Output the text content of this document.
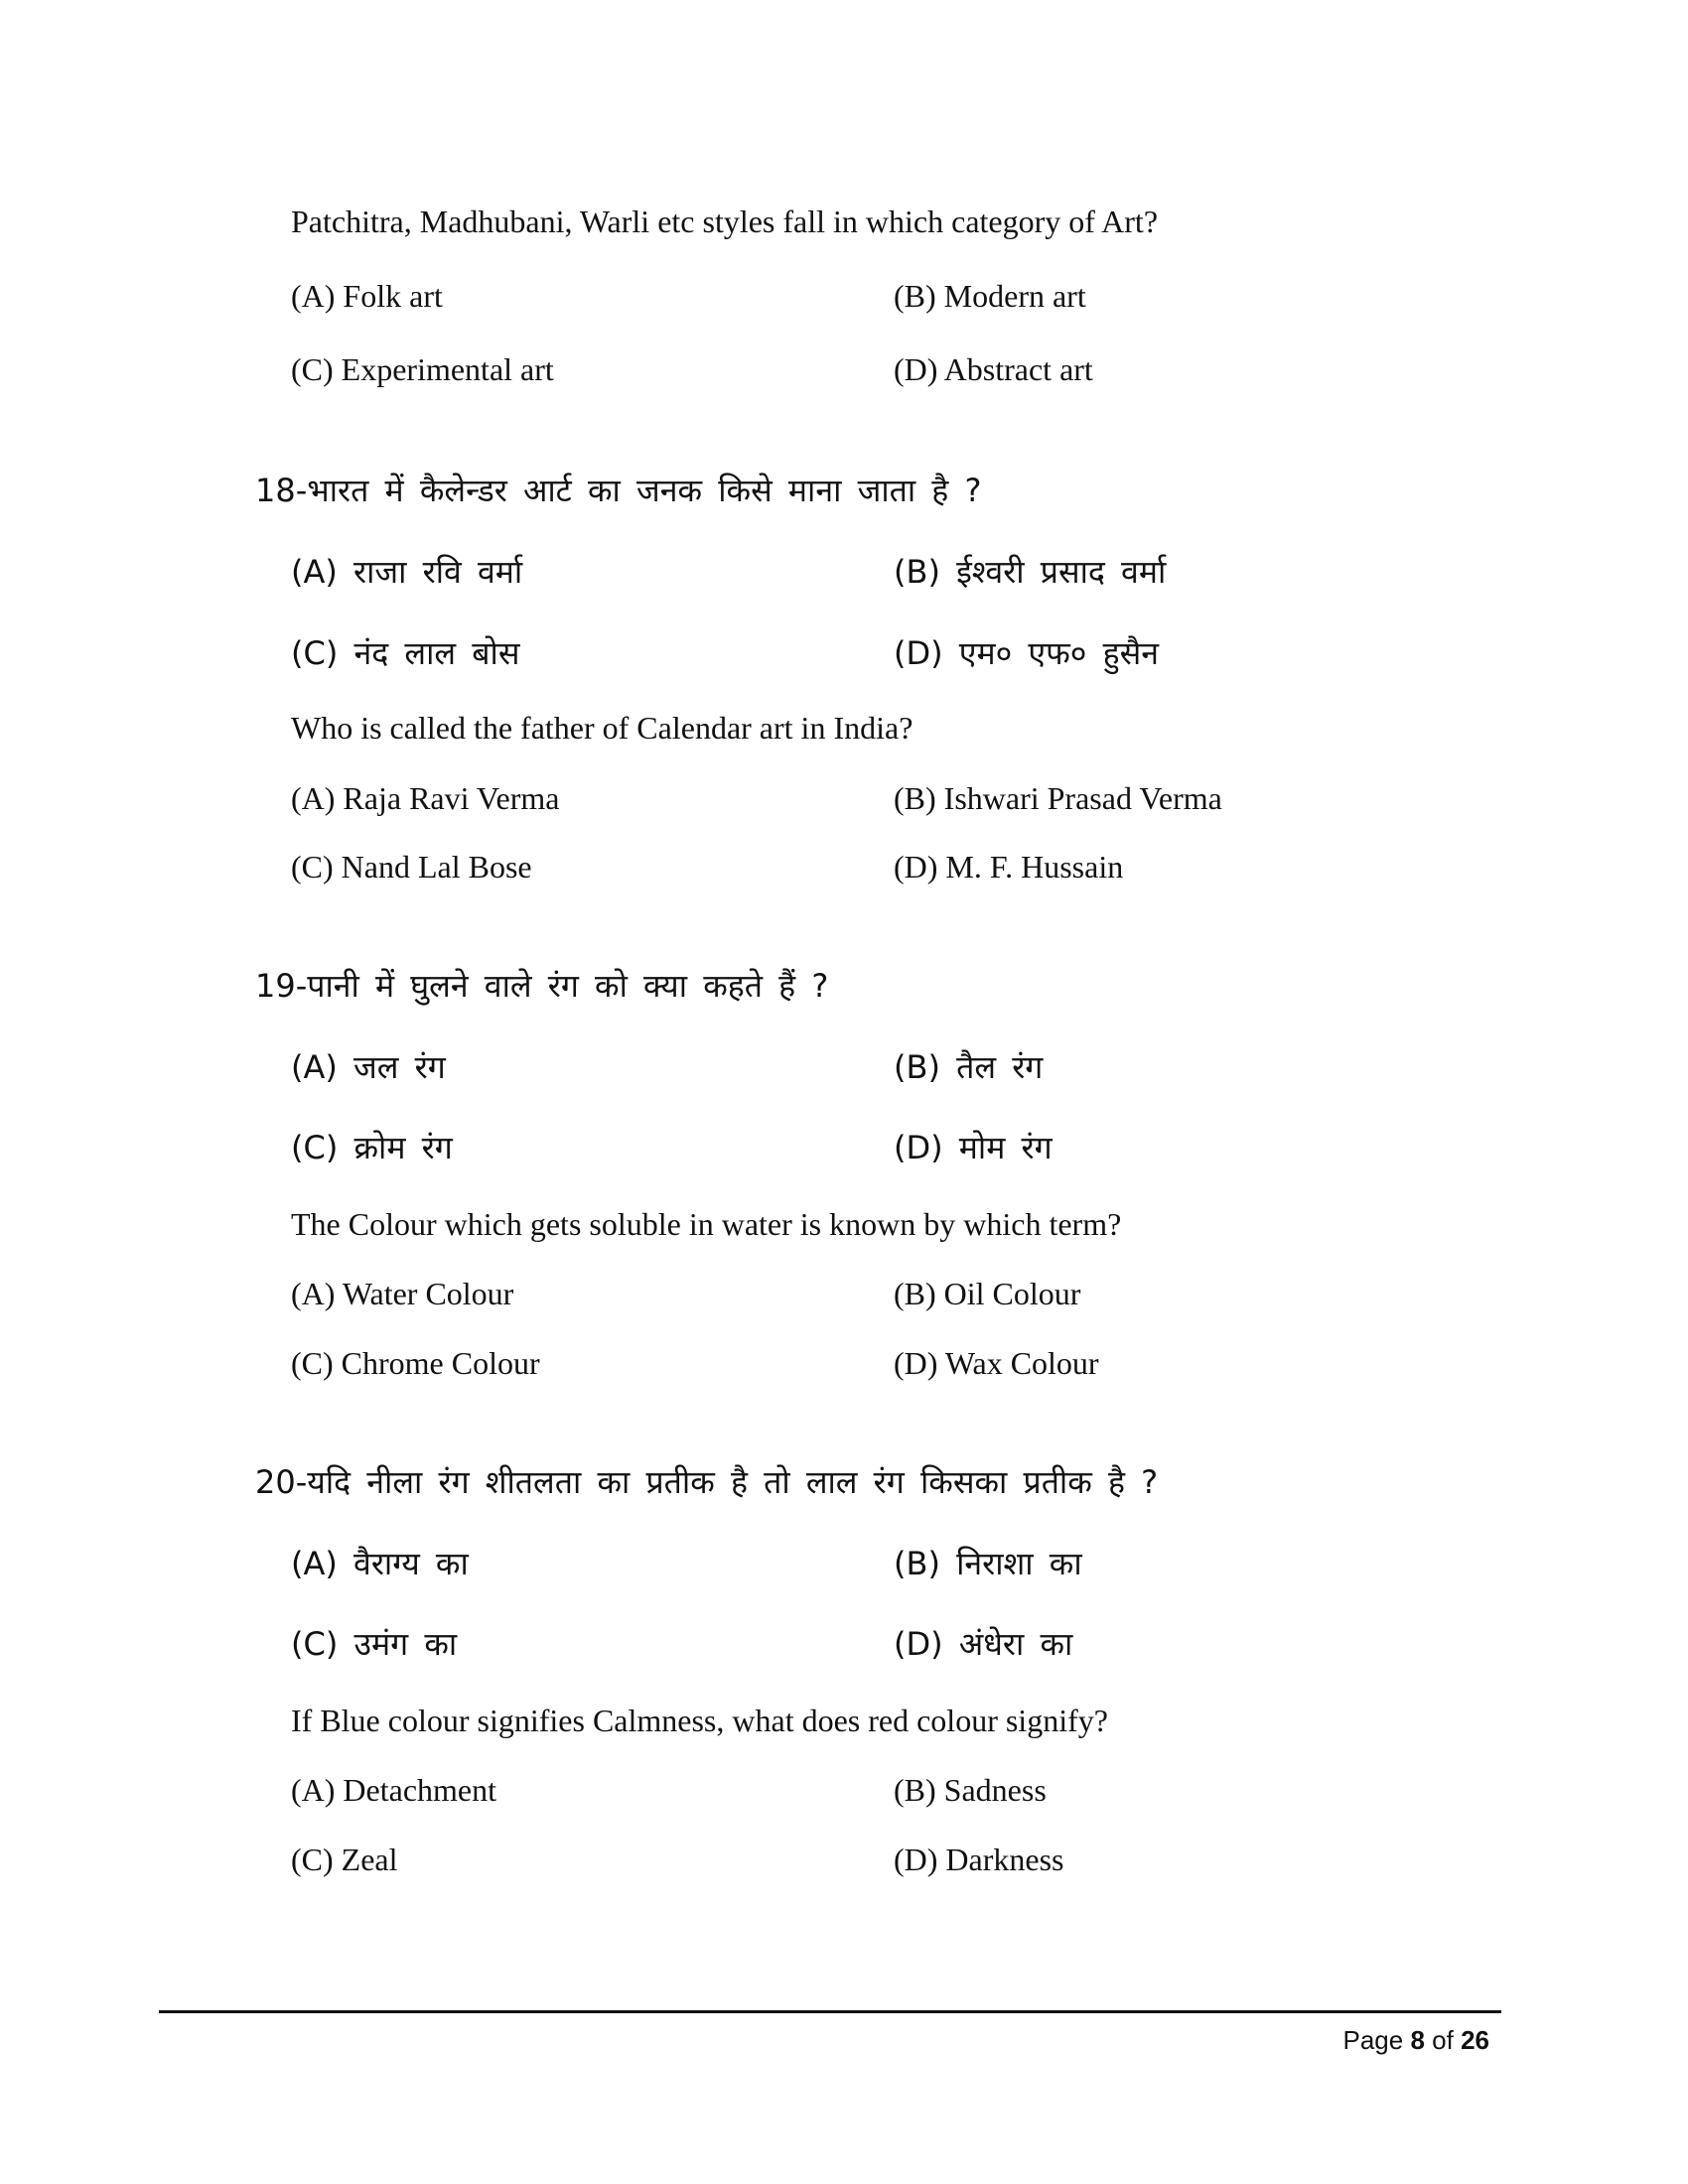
Patchitra, Madhubani, Warli etc styles fall in which category of Art?
(A) Folk art	(B) Modern art
(C) Experimental art	(D) Abstract art
18-भारत में कैलेन्डर आर्ट का जनक किसे माना जाता है ?
(A) राजा रवि वर्मा	(B) ईश्वरी प्रसाद वर्मा
(C) नंद लाल बोस	(D) एम० एफ० हुसैन
Who is called the father of Calendar art in India?
(A) Raja Ravi Verma	(B) Ishwari Prasad Verma
(C) Nand Lal Bose	(D) M. F. Hussain
19-पानी में घुलने वाले रंग को क्या कहते हैं ?
(A) जल रंग	(B) तैल रंग
(C) क्रोम रंग	(D) मोम रंग
The Colour which gets soluble in water is known by which term?
(A) Water Colour	(B) Oil Colour
(C) Chrome Colour	(D) Wax Colour
20-यदि नीला रंग शीतलता का प्रतीक है तो लाल रंग किसका प्रतीक है ?
(A) वैराग्य का	(B) निराशा का
(C) उमंग का	(D) अंधेरा का
If Blue colour signifies Calmness, what does red colour signify?
(A) Detachment	(B) Sadness
(C) Zeal	(D) Darkness
Page 8 of 26
